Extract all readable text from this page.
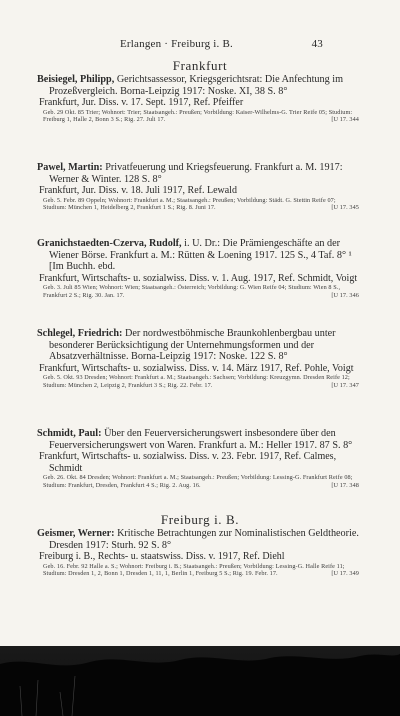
Erlangen · Freiburg i. B.	43
Frankfurt
Beisiegel, Philipp, Gerichtsassessor, Kriegsgerichtsrat: Die Anfechtung im Prozeßvergleich. Borna-Leipzig 1917: Noske. XI, 38 S. 8°
Frankfurt, Jur. Diss. v. 17. Sept. 1917, Ref. Pfeiffer
Geb. 29 Okt. 85 Trier; Wohnort: Trier; Staatsangeh.: Preußen; Vorbildung: Kaiser-Wilhelms-G. Trier Reife 05; Studium: Freiburg 1, Halle 2, Bonn 3 S.; Rig. 27. Juli 17.	[U 17. 344
Pawel, Martin: Privatfeuerung und Kriegsfeuerung. Frankfurt a. M. 1917: Werner & Winter. 128 S. 8°
Frankfurt, Jur. Diss. v. 18. Juli 1917, Ref. Lewald
Geb. 5. Febr. 89 Oppeln; Wohnort: Frankfurt a. M.; Staatsangeh.: Preußen; Vorbildung: Städt. G. Stettin Reife 07; Studium: München 1, Heidelberg 2, Frankfurt 1 S.; Rig. 8. Juni 17.	[U 17. 345
Granichstaedten-Czerva, Rudolf, i. U. Dr.: Die Prämiengeschäfte an der Wiener Börse. Frankfurt a. M.: Rütten & Loening 1917. 125 S., 4 Taf. 8° ¹ [Im Buchh. ebd.
Frankfurt, Wirtschafts- u. sozialwiss. Diss. v. 1. Aug. 1917, Ref. Schmidt, Voigt
Geb. 3. Juli 85 Wien; Wohnort: Wien; Staatsangeh.: Österreich; Vorbildung: G. Wien Reife 04; Studium: Wien 8 S., Frankfurt 2 S.; Rig. 30. Jan. 17.	[U 17. 346
Schlegel, Friedrich: Der nordwestböhmische Braunkohlenbergbau unter besonderer Berücksichtigung der Unternehmungsformen und der Absatzverhältnisse. Borna-Leipzig 1917: Noske. 122 S. 8°
Frankfurt, Wirtschafts- u. sozialwiss. Diss. v. 14. März 1917, Ref. Pohle, Voigt
Geb. 5. Okt. 93 Dresden; Wohnort: Frankfurt a. M.; Staatsangeh.: Sachsen; Vorbildung: Kreuzgymn. Dresden Reife 12; Studium: München 2, Leipzig 2, Frankfurt 3 S.; Rig. 22. Febr. 17.	[U 17. 347
Schmidt, Paul: Über den Feuerversicherungswert insbesondere über den Feuerversicherungswert von Waren. Frankfurt a. M.: Heller 1917. 87 S. 8°
Frankfurt, Wirtschafts- u. sozialwiss. Diss. v. 23. Febr. 1917, Ref. Calmes, Schmidt
Geb. 26. Okt. 84 Dresden; Wohnort: Frankfurt a. M.; Staatsangeh.: Preußen; Vorbildung: Lessing-G. Frankfurt Reife 08; Studium: Frankfurt, Dresden, Frankfurt 4 S.; Rig. 2. Aug. 16.	[U 17. 348
Freiburg i. B.
Geismer, Werner: Kritische Betrachtungen zur Nominalistischen Geldtheorie. Dresden 1917: Sturh. 92 S. 8°
Freiburg i. B., Rechts- u. staatswiss. Diss. v. 1917, Ref. Diehl
Geb. 16. Febr. 92 Halle a. S.; Wohnort: Freiburg i. B.; Staatsangeh.: Preußen; Vorbildung: Lessing-G. Halle Reife 11; Studium: Dresden 1, 2, Bonn 1, Dresden 1, 11, 1, Berlin 1, Freiburg 5 S.; Rig. 19. Febr. 17.	[U 17. 349
